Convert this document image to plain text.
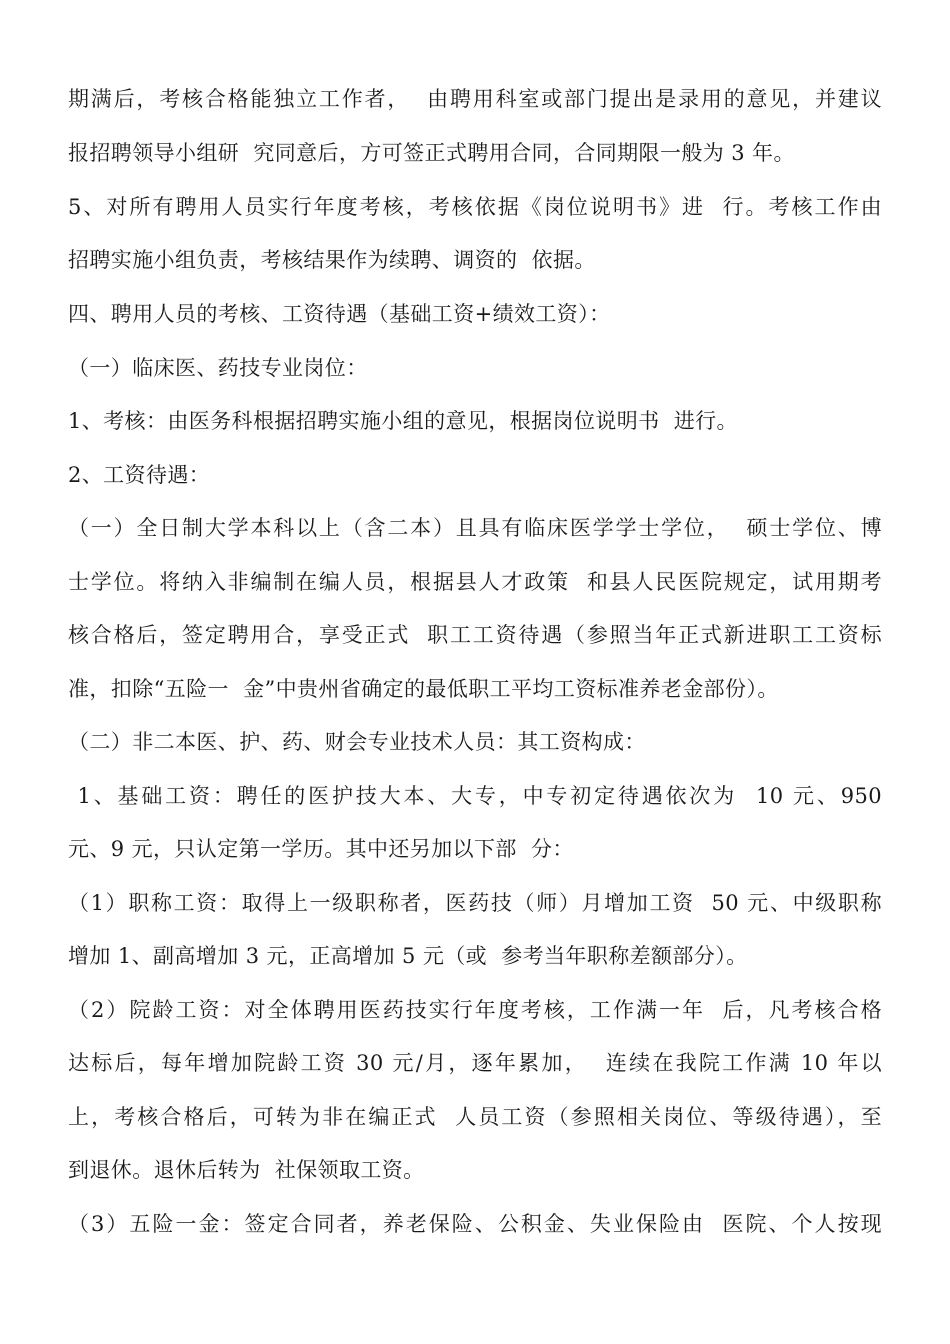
期满后，考核合格能独立工作者，  由聘用科室或部门提出是录用的意见，并建议
报招聘领导小组研  究同意后，方可签正式聘用合同，合同期限一般为 3 年。
5、对所有聘用人员实行年度考核，考核依据《岗位说明书》进  行。考核工作由
招聘实施小组负责，考核结果作为续聘、调资的  依据。
四、聘用人员的考核、工资待遇（基础工资+绩效工资）：
（一）临床医、药技专业岗位：
1、考核：由医务科根据招聘实施小组的意见，根据岗位说明书  进行。
2、工资待遇：
（一）全日制大学本科以上（含二本）且具有临床医学学士学位，  硕士学位、博
士学位。将纳入非编制在编人员，根据县人才政策  和县人民医院规定，试用期考
核合格后，签定聘用合，享受正式  职工工资待遇（参照当年正式新进职工工资标
准，扣除“五险一  金”中贵州省确定的最低职工平均工资标准养老金部份）。
（二）非二本医、护、药、财会专业技术人员：其工资构成：
1、基础工资：聘任的医护技大本、大专，中专初定待遇依次为  10 元、950
元、9 元，只认定第一学历。其中还另加以下部  分：
（1）职称工资：取得上一级职称者，医药技（师）月增加工资  50 元、中级职称
增加 1、副高增加 3 元，正高增加 5 元（或  参考当年职称差额部分）。
（2）院龄工资：对全体聘用医药技实行年度考核，工作满一年  后，凡考核合格
达标后，每年增加院龄工资 30 元/月，逐年累加，  连续在我院工作满 10 年以
上，考核合格后，可转为非在编正式  人员工资（参照相关岗位、等级待遇），至
到退休。退休后转为  社保领取工资。
（3）五险一金：签定合同者，养老保险、公积金、失业保险由  医院、个人按现
